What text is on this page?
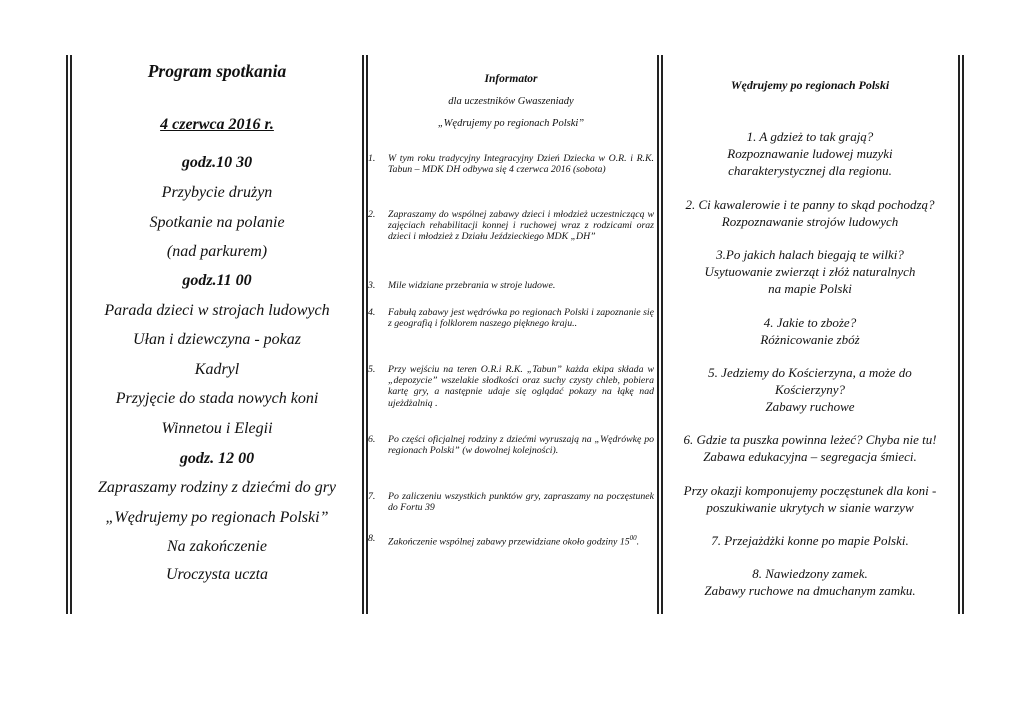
Program spotkania
4 czerwca 2016 r.
godz.10 30
Przybycie drużyn
Spotkanie na polanie
(nad parkurem)
godz.11 00
Parada dzieci w strojach ludowych
Ułan i dziewczyna - pokaz
Kadryl
Przyjęcie do stada nowych koni
Winnetou i Elegii
godz. 12 00
Zapraszamy rodziny z dziećmi do gry
„Wędrujemy po regionach Polski”
Na zakończenie
Uroczysta uczta
Informator
dla uczestników Gwaszeniady
„Wędrujemy po regionach Polski”
1. W tym roku tradycyjny Integracyjny Dzień Dziecka w O.R. i R.K. Tabun – MDK DH odbywa się 4 czerwca 2016 (sobota)
2. Zapraszamy do wspólnej zabawy dzieci i młodzież uczestniczącą w zajęciach rehabilitacji konnej i ruchowej wraz z rodzicami oraz dzieci i młodzież z Działu Jeździeckiego MDK „DH”
3. Mile widziane przebrania w stroje ludowe.
4. Fabułą zabawy jest wędrówka po regionach Polski i zapoznanie się z geografią i folklorem naszego pięknego kraju..
5. Przy wejściu na teren O.R.i R.K. „Tabun” każda ekipa składa w „depozycie” wszelakie słodkości oraz suchy czysty chleb, pobiera kartę gry, a następnie udaje się oglądać pokazy na łąkę nad ujeżdżalnią .
6. Po części oficjalnej rodziny z dziećmi wyruszają na „Wędrówkę po regionach Polski” (w dowolnej kolejności).
7. Po zaliczeniu wszystkich punktów gry, zapraszamy na poczęstunek do Fortu 39
8. Zakończenie wspólnej zabawy przewidziane około godziny $15^{00}$.
Wędrujemy po regionach Polski
1. A gdzież to tak grają?
Rozpoznawanie ludowej muzyki
charakterystycznej dla regionu.
2. Ci kawalerowie i te panny to skąd pochodzą?
Rozpoznawanie strojów ludowych
3.Po jakich halach biegają te wilki?
Usytuowanie zwierząt i złóż naturalnych
na mapie Polski
4. Jakie to zboże?
Różnicowanie zbóż
5. Jedziemy do Kościerzyna, a może do
Kościerzyny?
Zabawy ruchowe
6. Gdzie ta puszka powinna leżeć? Chyba nie tu!
Zabawa edukacyjna – segregacja śmieci.
Przy okazji komponujemy poczęstunek dla koni -
poszukiwanie ukrytych w sianie warzyw
7. Przejażdżki konne po mapie Polski.
8. Nawiedzony zamek.
Zabawy ruchowe na dmuchanym zamku.
